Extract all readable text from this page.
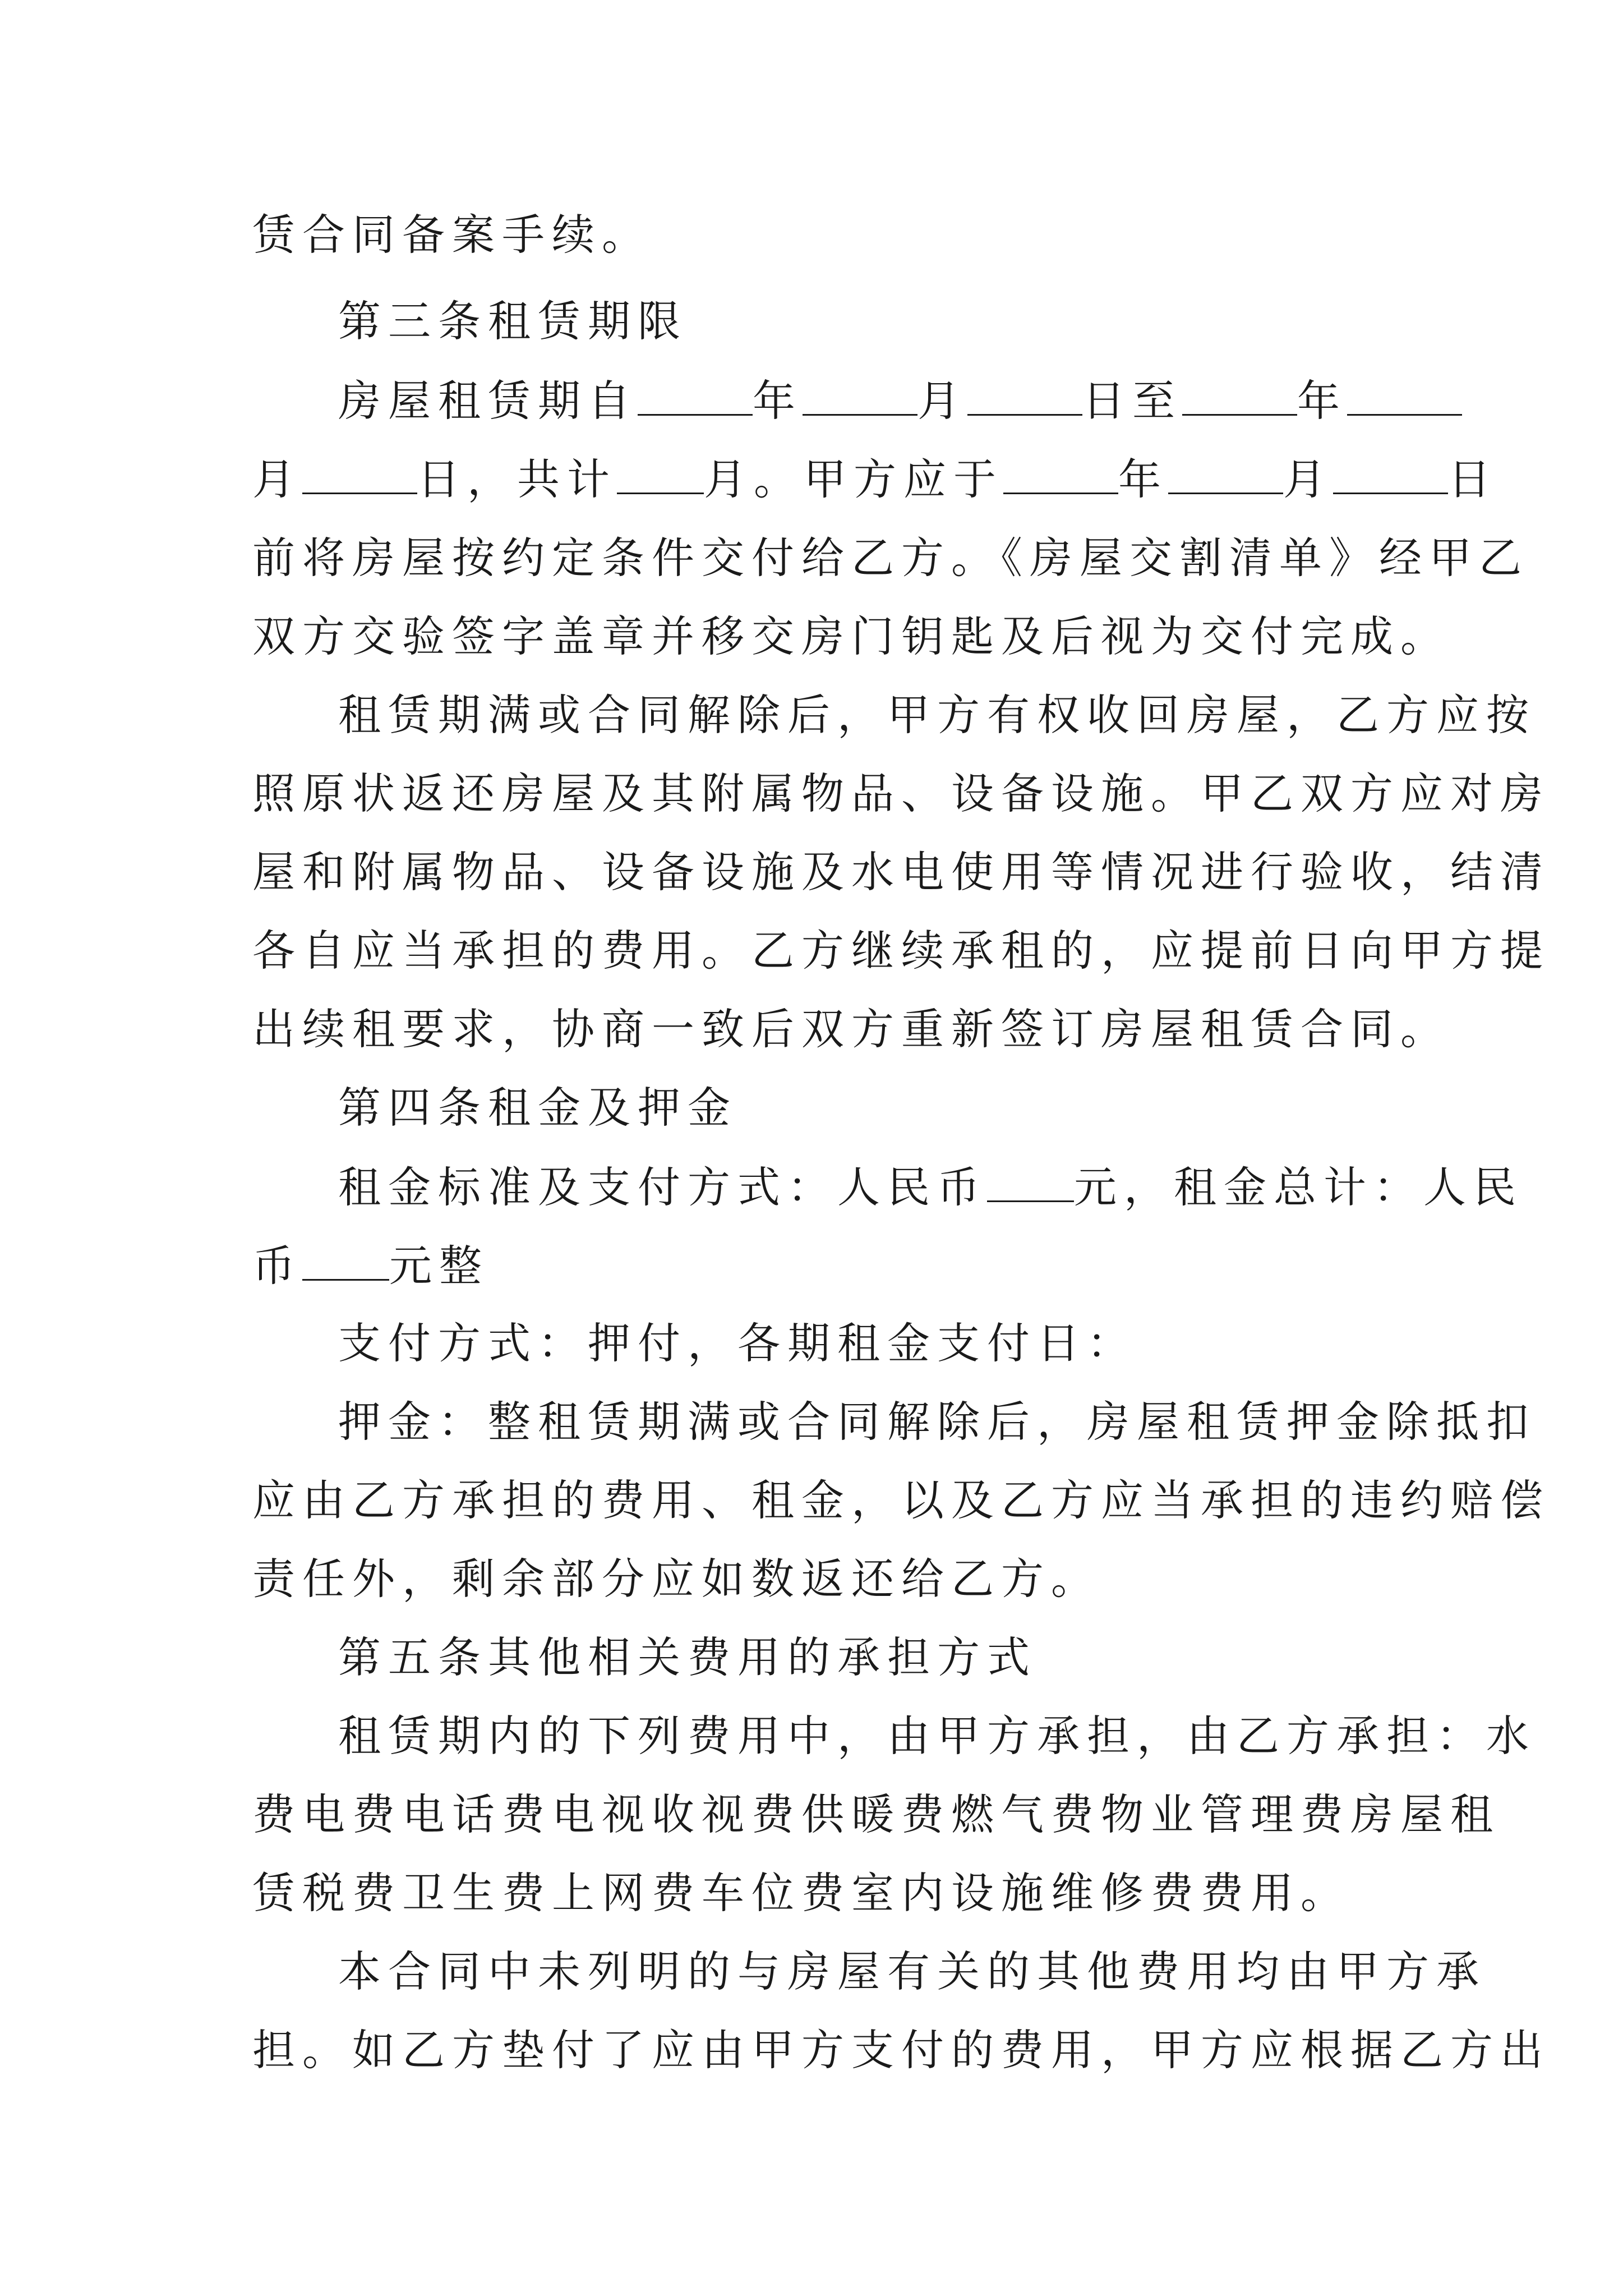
赁合同备案手续。
第三条租赁期限
房屋租赁期自	年	月	日至	年
月	日，共计 月。甲方应于	年	月	日
前将房屋按约定条件交付给乙方。《房屋交割清单》经甲乙
双方交验签字盖章并移交房门钥匙及后视为交付完成。
租赁期满或合同解除后，甲方有权收回房屋，乙方应按
照原状返还房屋及其附属物品、设备设施。甲乙双方应对房
屋和附属物品、设备设施及水电使用等情况进行验收，结清
各自应当承担的费用。乙方继续承租的，应提前日向甲方提
出续租要求，协商一致后双方重新签订房屋租赁合同。
第四条租金及押金
租金标准及支付方式：人民币 元，租金总计：人民
币 元整
支付方式：押付，各期租金支付日：
押金：整租赁期满或合同解除后，房屋租赁押金除抵扣
应由乙方承担的费用、租金，以及乙方应当承担的违约赔偿
责任外，剩余部分应如数返还给乙方。
第五条其他相关费用的承担方式
租赁期内的下列费用中，由甲方承担，由乙方承担：水
费电费电话费电视收视费供暖费燃气费物业管理费房屋租
赁税费卫生费上网费车位费室内设施维修费费用。
本合同中未列明的与房屋有关的其他费用均由甲方承
担。如乙方垫付了应由甲方支付的费用，甲方应根据乙方出
